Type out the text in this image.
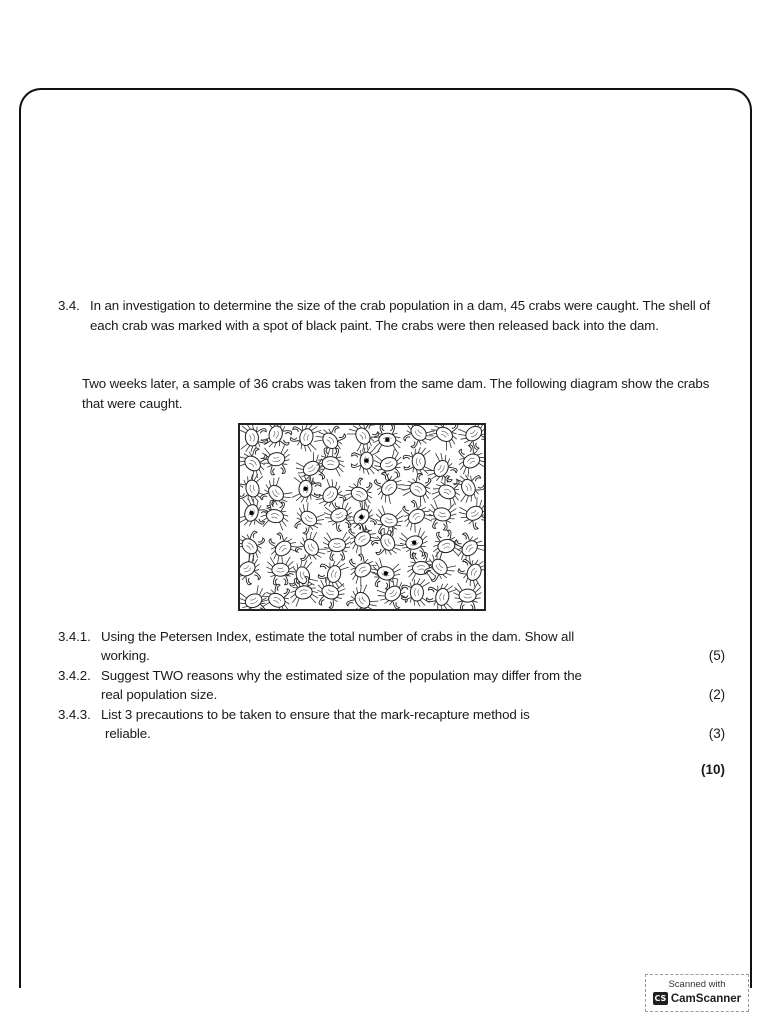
3.4. In an investigation to determine the size of the crab population in a dam, 45 crabs were caught. The shell of each crab was marked with a spot of black paint. The crabs were then released back into the dam.
Two weeks later, a sample of 36 crabs was taken from the same dam. The following diagram show the crabs that were caught.
3.4.1. Using the Petersen Index, estimate the total number of crabs in the dam. Show all
working.	(5)
3.4.2. Suggest TWO reasons why the estimated size of the population may differ from the
real population size.	(2)
3.4.3. List 3 precautions to be taken to ensure that the mark-recapture method is
reliable.	(3)
(10)
Scanned with
CS CamScanner
